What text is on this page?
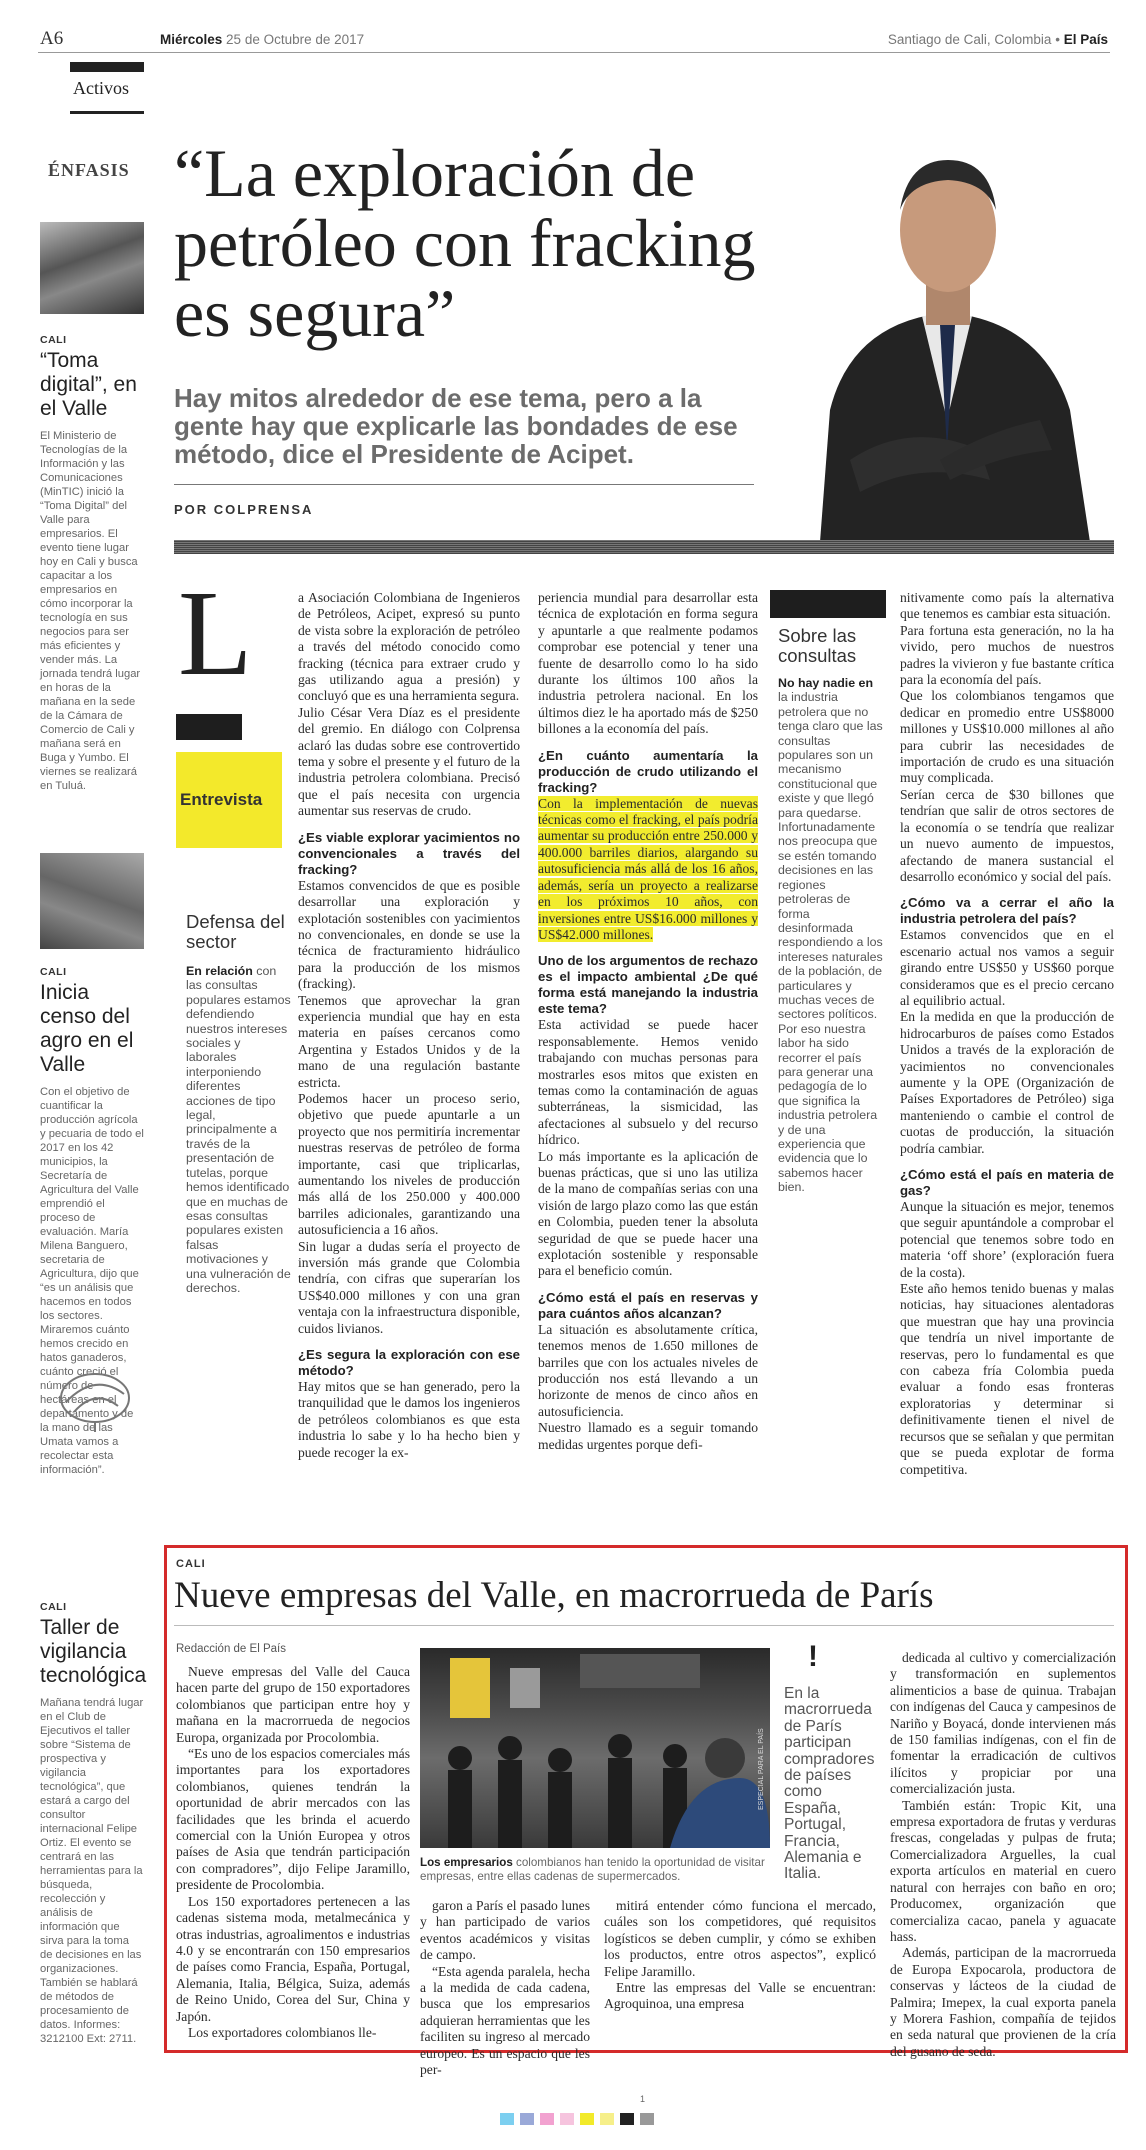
A6	Miércoles 25 de Octubre de 2017	Santiago de Cali, Colombia • El País
Activos
ÉNFASIS
CALI
“Toma digital”, en el Valle
El Ministerio de Tecnologías de la Información y las Comunicaciones (MinTIC) inició la “Toma Digital” del Valle para empresarios. El evento tiene lugar hoy en Cali y busca capacitar a los empresarios en cómo incorporar la tecnología en sus negocios para ser más eficientes y vender más. La jornada tendrá lugar en horas de la mañana en la sede de la Cámara de Comercio de Cali y mañana será en Buga y Yumbo. El viernes se realizará en Tuluá.
CALI
Inicia censo del agro en el Valle
Con el objetivo de cuantificar la producción agrícola y pecuaria de todo el 2017 en los 42 municipios, la Secretaría de Agricultura del Valle emprendió el proceso de evaluación. María Milena Banguero, secretaria de Agricultura, dijo que “es un análisis que hacemos en todos los sectores. Miraremos cuánto hemos crecido en hatos ganaderos, cuánto creció el número de hectáreas en el departamento y de la mano de las Umata vamos a recolectar esta información”.
CALI
Taller de vigilancia tecnológica
Mañana tendrá lugar en el Club de Ejecutivos el taller sobre “Sistema de prospectiva y vigilancia tecnológica”, que estará a cargo del consultor internacional Felipe Ortiz. El evento se centrará en las herramientas para la búsqueda, recolección y análisis de información que sirva para la toma de decisiones en las organizaciones. También se hablará de métodos de procesamiento de datos. Informes: 3212100 Ext: 2711.
“La exploración de petróleo con fracking es segura”
Hay mitos alrededor de ese tema, pero a la gente hay que explicarle las bondades de ese método, dice el Presidente de Acipet.
POR COLPRENSA
L
Entrevista
Defensa del sector
En relación con las consultas populares estamos defendiendo nuestros intereses sociales y laborales interponiendo diferentes acciones de tipo legal, principalmente a través de la presentación de tutelas, porque hemos identificado que en muchas de esas consultas populares existen falsas motivaciones y una vulneración de derechos.

a Asociación Colombiana de Ingenieros de Petróleos, Acipet, expresó su punto de vista sobre la exploración de petróleo a través del método conocido como fracking (técnica para extraer crudo y gas utilizando agua a presión) y concluyó que es una herramienta segura.

Julio César Vera Díaz es el presidente del gremio. En diálogo con Colprensa aclaró las dudas sobre ese controvertido tema y sobre el presente y el futuro de la industria petrolera colombiana. Precisó que el país necesita con urgencia aumentar sus reservas de crudo.

¿Es viable explorar yacimientos no convencionales a través del fracking?

Estamos convencidos de que es posible desarrollar una exploración y explotación sostenibles con yacimientos no convencionales, en donde se use la técnica de fracturamiento hidráulico para la producción de los mismos (fracking).

Tenemos que aprovechar la gran experiencia mundial que hay en esta materia en países cercanos como Argentina y Estados Unidos y de la mano de una regulación bastante estricta.

Podemos hacer un proceso serio, objetivo que puede apuntarle a un proyecto que nos permitiría incrementar nuestras reservas de petróleo de forma importante, casi que triplicarlas, aumentando los niveles de producción más allá de los 250.000 y 400.000 barriles adicionales, garantizando una autosuficiencia a 16 años.

Sin lugar a dudas sería el proyecto de inversión más grande que Colombia tendría, con cifras que superarían los US$40.000 millones y con una gran ventaja con la infraestructura disponible, cuidos livianos.

¿Es segura la exploración con ese método?

Hay mitos que se han generado, pero la tranquilidad que le damos los ingenieros de petróleos colombianos es que esta industria lo sabe y lo ha hecho bien y puede recoger la ex-

periencia mundial para desarrollar esta técnica de explotación en forma segura y apuntarle a que realmente podamos comprobar ese potencial y tener una fuente de desarrollo como lo ha sido durante los últimos 100 años la industria petrolera nacional. En los últimos diez le ha aportado más de $250 billones a la economía del país.

¿En cuánto aumentaría la producción de crudo utilizando el fracking?

Con la implementación de nuevas técnicas como el fracking, el país podría aumentar su producción entre 250.000 y 400.000 barriles diarios, alargando su autosuficiencia más allá de los 16 años, además, sería un proyecto a realizarse en los próximos 10 años, con inversiones entre US$16.000 millones y US$42.000 millones.

Uno de los argumentos de rechazo es el impacto ambiental ¿De qué forma está manejando la industria este tema?

Esta actividad se puede hacer responsablemente. Hemos venido trabajando con muchas personas para mostrarles esos mitos que existen en temas como la contaminación de aguas subterráneas, la sismicidad, las afectaciones al subsuelo y del recurso hídrico.

Lo más importante es la aplicación de buenas prácticas, que si uno las utiliza de la mano de compañías serias con una visión de largo plazo como las que están en Colombia, pueden tener la absoluta seguridad de que se puede hacer una explotación sostenible y responsable para el beneficio común.

¿Cómo está el país en reservas y para cuántos años alcanzan?

La situación es absolutamente crítica, tenemos menos de 1.650 millones de barriles que con los actuales niveles de producción nos está llevando a un horizonte de menos de cinco años en autosuficiencia.

Nuestro llamado es a seguir tomando medidas urgentes porque defi-

Sobre las consultas
No hay nadie en la industria petrolera que no tenga claro que las consultas populares son un mecanismo constitucional que existe y que llegó para quedarse. Infortunadamente nos preocupa que se estén tomando decisiones en las regiones petroleras de forma desinformada respondiendo a los intereses naturales de la población, de particulares y muchas veces de sectores políticos. Por eso nuestra labor ha sido recorrer el país para generar una pedagogía de lo que significa la industria petrolera y de una experiencia que evidencia que lo sabemos hacer bien.

nitivamente como país la alternativa que tenemos es cambiar esta situación.

Para fortuna esta generación, no la ha vivido, pero muchos de nuestros padres la vivieron y fue bastante crítica para la economía del país.

Que los colombianos tengamos que dedicar en promedio entre US$8000 millones y US$10.000 millones al año para cubrir las necesidades de importación de crudo es una situación muy complicada.

Serían cerca de $30 billones que tendrían que salir de otros sectores de la economía o se tendría que realizar un nuevo aumento de impuestos, afectando de manera sustancial el desarrollo económico y social del país.

¿Cómo va a cerrar el año la industria petrolera del país?

Estamos convencidos que en el escenario actual nos vamos a seguir girando entre US$50 y US$60 porque consideramos que es el precio cercano al equilibrio actual.

En la medida en que la producción de hidrocarburos de países como Estados Unidos a través de la exploración de yacimientos no convencionales aumente y la OPE (Organización de Países Exportadores de Petróleo) siga manteniendo o cambie el control de cuotas de producción, la situación podría cambiar.

¿Cómo está el país en materia de gas?

Aunque la situación es mejor, tenemos que seguir apuntándole a comprobar el potencial que tenemos sobre todo en materia ‘off shore’ (exploración fuera de la costa).

Este año hemos tenido buenas y malas noticias, hay situaciones alentadoras que muestran que hay una provincia que tendría un nivel importante de reservas, pero lo fundamental es que con cabeza fría Colombia pueda evaluar a fondo esas fronteras exploratorias y determinar si definitivamente tienen el nivel de recursos que se señalan y que permitan que se pueda explotar de forma competitiva.

CALI
Nueve empresas del Valle, en macrorrueda de París
Redacción de El País

Nueve empresas del Valle del Cauca hacen parte del grupo de 150 exportadores colombianos que participan entre hoy y mañana en la macrorrueda de negocios Europa, organizada por Procolombia.

“Es uno de los espacios comerciales más importantes para los exportadores colombianos, quienes tendrán la oportunidad de abrir mercados con las facilidades que les brinda el acuerdo comercial con la Unión Europea y otros países de Asia que tendrán participación con compradores”, dijo Felipe Jaramillo, presidente de Procolombia.

Los 150 exportadores pertenecen a las cadenas sistema moda, metalmecánica y otras industrias, agroalimentos e industrias 4.0 y se encontrarán con 150 empresarios de países como Francia, España, Portugal, Alemania, Italia, Bélgica, Suiza, además de Reino Unido, Corea del Sur, China y Japón.

Los exportadores colombianos lle-

ESPECIAL PARA EL PAÍS
Los empresarios colombianos han tenido la oportunidad de visitar empresas, entre ellas cadenas de supermercados.
!
En la macrorrueda de París participan compradores de países como España, Portugal, Francia, Alemania e Italia.

garon a París el pasado lunes y han participado de varios eventos académicos y visitas de campo.

“Esta agenda paralela, hecha a la medida de cada cadena, busca que los empresarios adquieran herramientas que les faciliten su ingreso al mercado europeo. Es un espacio que les per-

mitirá entender cómo funciona el mercado, cuáles son los competidores, qué requisitos logísticos se deben cumplir, y cómo se exhiben los productos, entre otros aspectos”, explicó Felipe Jaramillo.

Entre las empresas del Valle se encuentran: Agroquinoa, una empresa

dedicada al cultivo y comercialización y transformación en suplementos alimenticios a base de quinua. Trabajan con indígenas del Cauca y campesinos de Nariño y Boyacá, donde intervienen más de 150 familias indígenas, con el fin de fomentar la erradicación de cultivos ilícitos y propiciar por una comercialización justa.

También están: Tropic Kit, una empresa exportadora de frutas y verduras frescas, congeladas y pulpas de fruta; Comercializadora Arguelles, la cual exporta artículos en material en cuero natural con herrajes con baño en oro; Producomex, organización que comercializa cacao, panela y aguacate hass.

Además, participan de la macrorrueda de Europa Expocarola, productora de conservas y lácteos de la ciudad de Palmira; Imepex, la cual exporta panela y Morera Fashion, compañía de tejidos en seda natural que provienen de la cría del gusano de seda.

1
